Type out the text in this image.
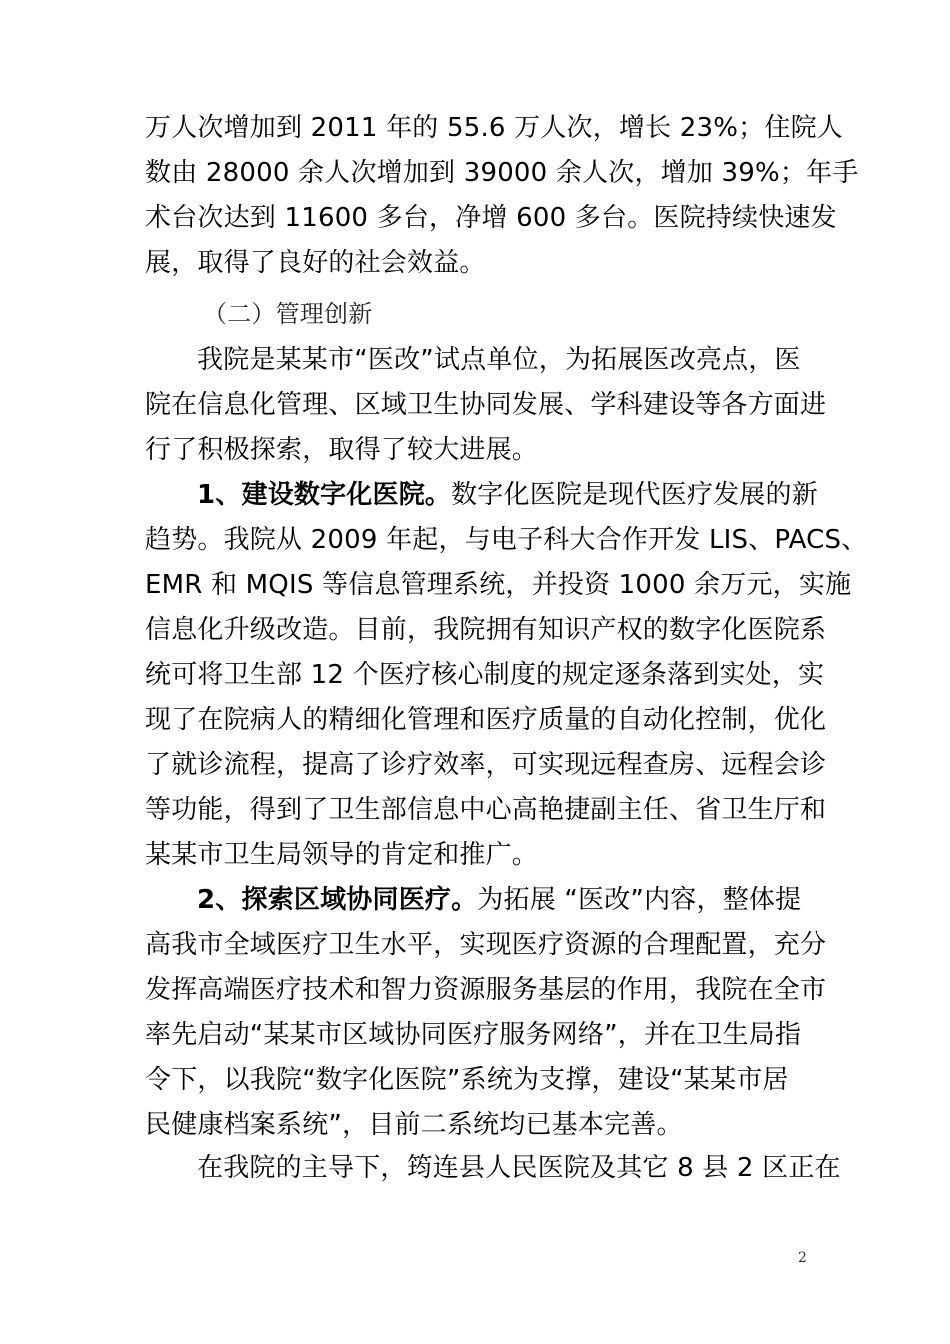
万人次增加到 2011 年的 55.6 万人次，增长 23%；住院人
数由 28000 余人次增加到 39000 余人次，增加 39%；年手
术台次达到 11600 多台，净增 600 多台。医院持续快速发
展，取得了良好的社会效益。
（二）管理创新
我院是某某市“医改”试点单位，为拓展医改亮点，医
院在信息化管理、区域卫生协同发展、学科建设等各方面进
行了积极探索，取得了较大进展。
1、建设数字化医院。数字化医院是现代医疗发展的新
趋势。我院从 2009 年起，与电子科大合作开发 LIS、PACS、
EMR 和 MQIS 等信息管理系统，并投资 1000 余万元，实施
信息化升级改造。目前，我院拥有知识产权的数字化医院系
统可将卫生部 12 个医疗核心制度的规定逐条落到实处，实
现了在院病人的精细化管理和医疗质量的自动化控制，优化
了就诊流程，提高了诊疗效率，可实现远程查房、远程会诊
等功能，得到了卫生部信息中心高艳捷副主任、省卫生厅和
某某市卫生局领导的肯定和推广。
2、探索区域协同医疗。为拓展 “医改”内容，整体提
高我市全域医疗卫生水平，实现医疗资源的合理配置，充分
发挥高端医疗技术和智力资源服务基层的作用，我院在全市
率先启动“某某市区域协同医疗服务网络”，并在卫生局指
令下，以我院“数字化医院”系统为支撑，建设“某某市居
民健康档案系统”，目前二系统均已基本完善。
在我院的主导下，筠连县人民医院及其它 8 县 2 区正在
2
